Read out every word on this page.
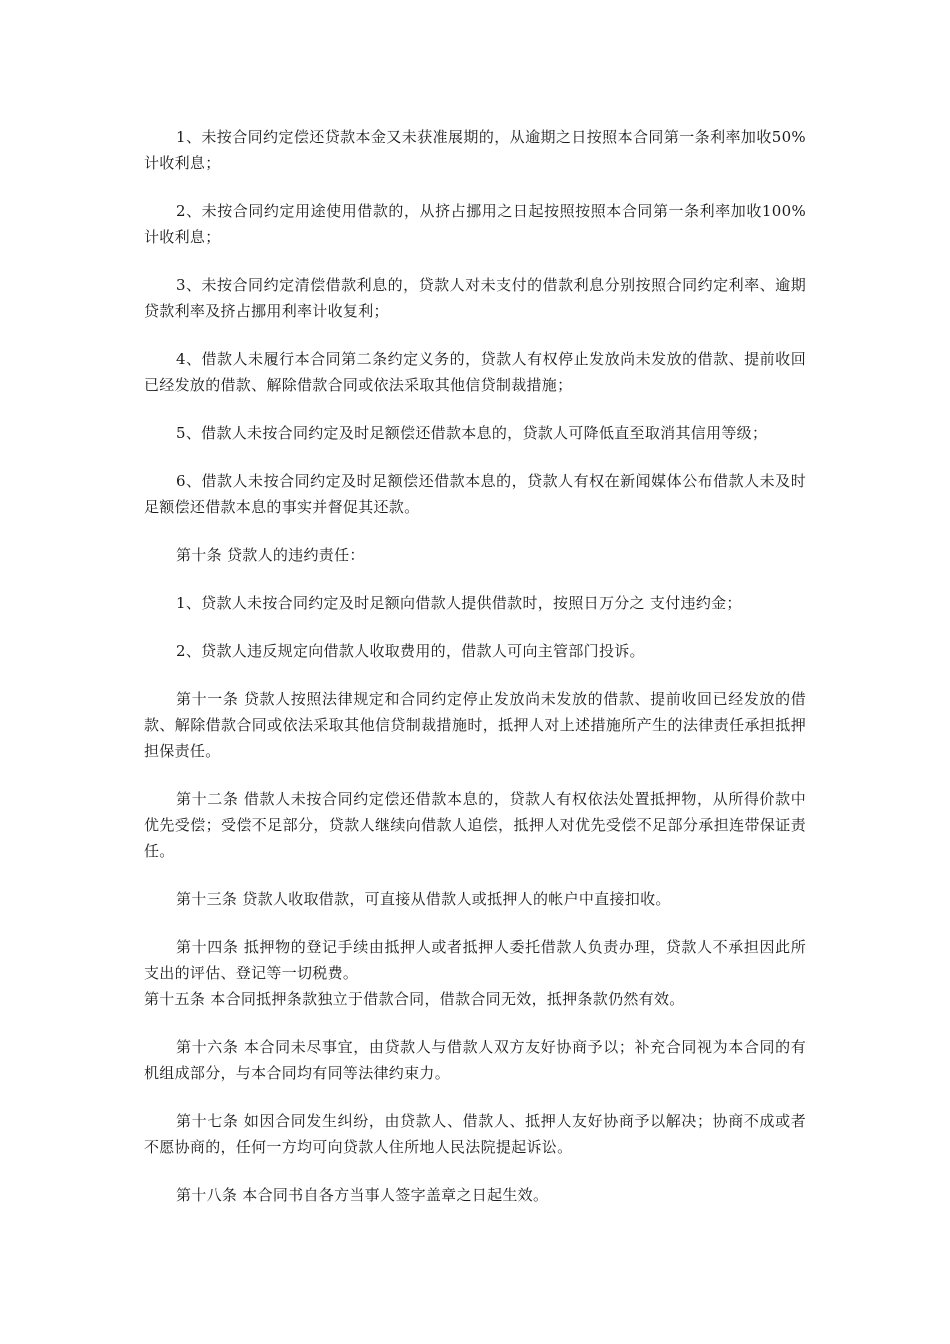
1、未按合同约定偿还贷款本金又未获准展期的，从逾期之日按照本合同第一条利率加收50%计收利息；

2、未按合同约定用途使用借款的，从挤占挪用之日起按照按照本合同第一条利率加收100%计收利息；

3、未按合同约定清偿借款利息的，贷款人对未支付的借款利息分别按照合同约定利率、逾期贷款利率及挤占挪用利率计收复利；

4、借款人未履行本合同第二条约定义务的，贷款人有权停止发放尚未发放的借款、提前收回已经发放的借款、解除借款合同或依法采取其他信贷制裁措施；

5、借款人未按合同约定及时足额偿还借款本息的，贷款人可降低直至取消其信用等级；

6、借款人未按合同约定及时足额偿还借款本息的，贷款人有权在新闻媒体公布借款人未及时足额偿还借款本息的事实并督促其还款。

第十条 贷款人的违约责任：

1、贷款人未按合同约定及时足额向借款人提供借款时，按照日万分之 支付违约金；

2、贷款人违反规定向借款人收取费用的，借款人可向主管部门投诉。

第十一条 贷款人按照法律规定和合同约定停止发放尚未发放的借款、提前收回已经发放的借款、解除借款合同或依法采取其他信贷制裁措施时，抵押人对上述措施所产生的法律责任承担抵押担保责任。

第十二条 借款人未按合同约定偿还借款本息的，贷款人有权依法处置抵押物，从所得价款中优先受偿；受偿不足部分，贷款人继续向借款人追偿，抵押人对优先受偿不足部分承担连带保证责任。

第十三条 贷款人收取借款，可直接从借款人或抵押人的帐户中直接扣收。

第十四条 抵押物的登记手续由抵押人或者抵押人委托借款人负责办理，贷款人不承担因此所支出的评估、登记等一切税费。

第十五条 本合同抵押条款独立于借款合同，借款合同无效，抵押条款仍然有效。

第十六条 本合同未尽事宜，由贷款人与借款人双方友好协商予以；补充合同视为本合同的有机组成部分，与本合同均有同等法律约束力。

第十七条 如因合同发生纠纷，由贷款人、借款人、抵押人友好协商予以解决；协商不成或者不愿协商的，任何一方均可向贷款人住所地人民法院提起诉讼。

第十八条 本合同书自各方当事人签字盖章之日起生效。
